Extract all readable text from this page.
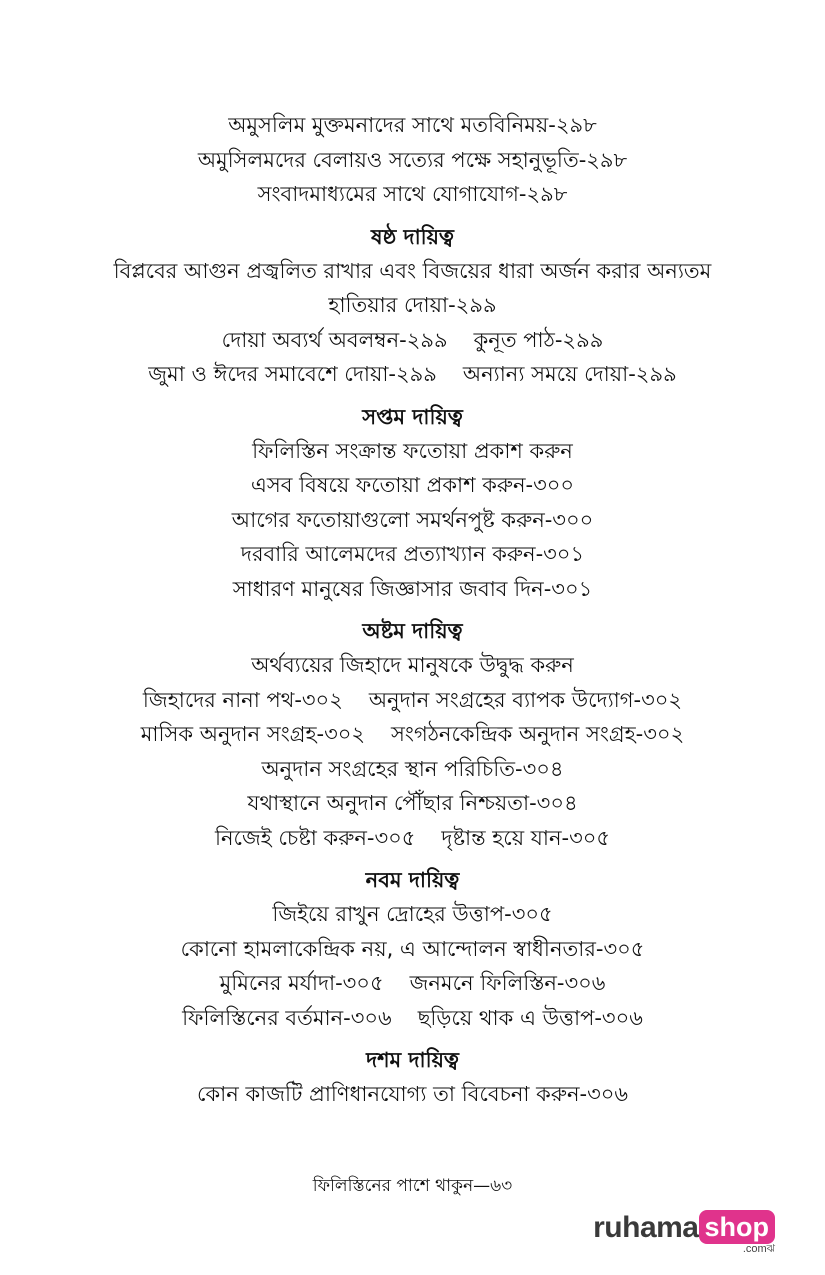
অমুসলিম মুক্তমনাদের সাথে মতবিনিময়-২৯৮
অমুসিলমদের বেলায়ও সত্যের পক্ষে সহানুভূতি-২৯৮
সংবাদমাধ্যমের সাথে যোগাযোগ-২৯৮
ষষ্ঠ দায়িত্ব
বিপ্লবের আগুন প্রজ্বলিত রাখার এবং বিজয়ের ধারা অর্জন করার অন্যতম
হাতিয়ার দোয়া-২৯৯
দোয়া অব্যর্থ অবলম্বন-২৯৯ কুনূত পাঠ-২৯৯
জুমা ও ঈদের সমাবেশে দোয়া-২৯৯ অন্যান্য সময়ে দোয়া-২৯৯
সপ্তম দায়িত্ব
ফিলিস্তিন সংক্রান্ত ফতোয়া প্রকাশ করুন
এসব বিষয়ে ফতোয়া প্রকাশ করুন-৩০০
আগের ফতোয়াগুলো সমর্থনপুষ্ট করুন-৩০০
দরবারি আলেমদের প্রত্যাখ্যান করুন-৩০১
সাধারণ মানুষের জিজ্ঞাসার জবাব দিন-৩০১
অষ্টম দায়িত্ব
অর্থব্যয়ের জিহাদে মানুষকে উদ্বুদ্ধ করুন
জিহাদের নানা পথ-৩০২ অনুদান সংগ্রহের ব্যাপক উদ্যোগ-৩০২
মাসিক অনুদান সংগ্রহ-৩০২ সংগঠনকেন্দ্রিক অনুদান সংগ্রহ-৩০২
অনুদান সংগ্রহের স্থান পরিচিতি-৩০৪
যথাস্থানে অনুদান পৌঁছার নিশ্চয়তা-৩০৪
নিজেই চেষ্টা করুন-৩০৫ দৃষ্টান্ত হয়ে যান-৩০৫
নবম দায়িত্ব
জিইয়ে রাখুন দ্রোহের উত্তাপ-৩০৫
কোনো হামলাকেন্দ্রিক নয়, এ আন্দোলন স্বাধীনতার-৩০৫
মুমিনের মর্যাদা-৩০৫ জনমনে ফিলিস্তিন-৩০৬
ফিলিস্তিনের বর্তমান-৩০৬ ছড়িয়ে থাক এ উত্তাপ-৩০৬
দশম দায়িত্ব
কোন কাজটি প্রাণিধানযোগ্য তা বিবেচনা করুন-৩০৬
ফিলিস্তিনের পাশে থাকুন—৬৩
ruhama shop
.comঝ
